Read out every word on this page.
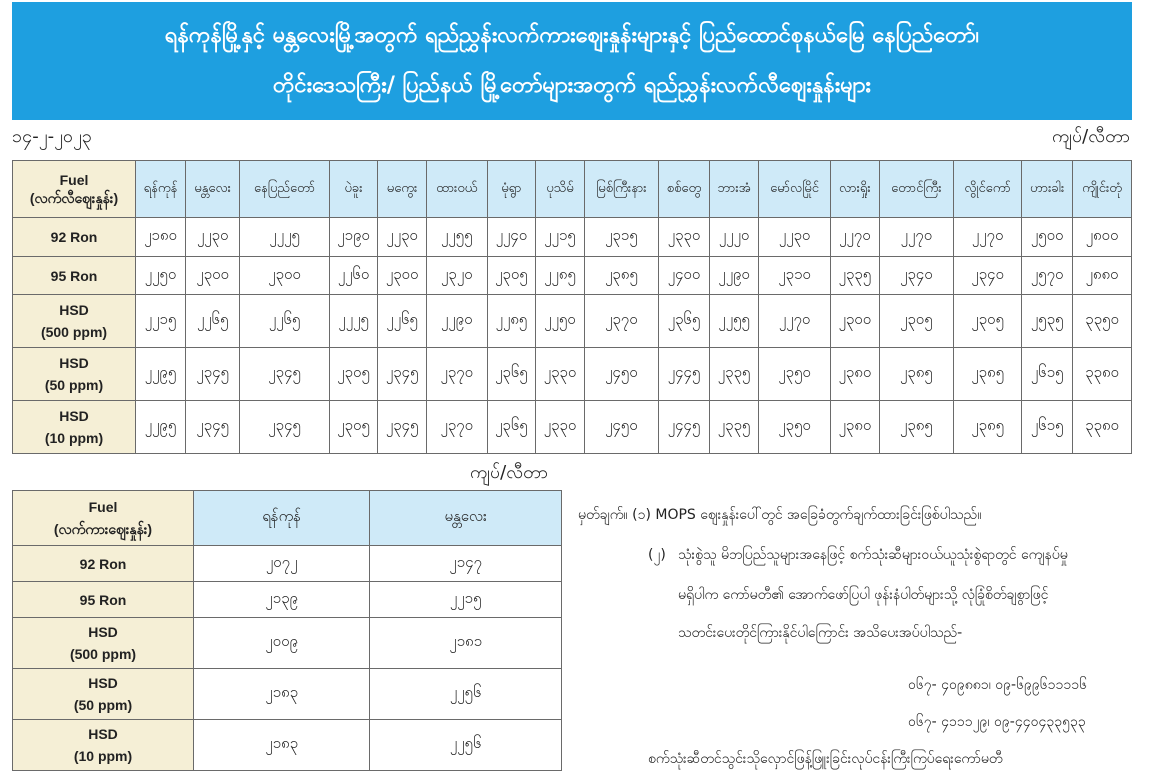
ရန်ကုန်မြို့နှင့် မန္တလေးမြို့အတွက် ရည်ညွှန်းလက်ကားဈေးနှုန်းများနှင့် ပြည်ထောင်စုနယ်မြေ နေပြည်တော်၊
တိုင်းဒေသကြီး/ ပြည်နယ် မြို့တော်များအတွက် ရည်ညွှန်းလက်လီဈေးနှုန်းများ
၁၄-၂-၂၀၂၃	ကျပ်/လီတာ
Fuel
(လက်လီဈေးနှုန်း)	ရန်ကုန်	မန္တလေး	နေပြည်တော်	ပဲခူး	မကွေး	ထားဝယ်	မုံရွာ	ပုသိမ်	မြစ်ကြီးနား	စစ်တွေ	ဘားအံ	မော်လမြိုင်	လားရှိုး	တောင်ကြီး	လွိုင်ကော်	ဟားခါး	ကျိုင်းတုံ

92 Ron	၂၁၈၀	၂၂၃၀	၂၂၂၅	၂၁၉၀	၂၂၃၀	၂၂၅၅	၂၂၄၀	၂၂၁၅	၂၃၁၅	၂၃၃၀	၂၂၂၀	၂၂၃၀	၂၂၇၀	၂၂၇၀	၂၂၇၀	၂၅၀၀	၂၈၀၀

95 Ron	၂၂၅၀	၂၃၀၀	၂၃၀၀	၂၂၆၀	၂၃၀၀	၂၃၂၀	၂၃၀၅	၂၂၈၅	၂၃၈၅	၂၄၀၀	၂၂၉၀	၂၃၁၀	၂၃၃၅	၂၃၄၀	၂၃၄၀	၂၅၇၀	၂၈၈၀

HSD
(500 ppm)	၂၂၁၅	၂၂၆၅	၂၂၆၅	၂၂၂၅	၂၂၆၅	၂၂၉၀	၂၂၈၅	၂၂၅၀	၂၃၇၀	၂၃၆၅	၂၂၅၅	၂၂၇၀	၂၃၀၀	၂၃၀၅	၂၃၀၅	၂၅၃၅	၃၃၅၀

HSD
(50 ppm)	၂၂၉၅	၂၃၄၅	၂၃၄၅	၂၃၀၅	၂၃၄၅	၂၃၇၀	၂၃၆၅	၂၃၃၀	၂၄၅၀	၂၄၄၅	၂၃၃၅	၂၃၅၀	၂၃၈၀	၂၃၈၅	၂၃၈၅	၂၆၁၅	၃၃၈၀

HSD
(10 ppm)	၂၂၉၅	၂၃၄၅	၂၃၄၅	၂၃၀၅	၂၃၄၅	၂၃၇၀	၂၃၆၅	၂၃၃၀	၂၄၅၀	၂၄၄၅	၂၃၃၅	၂၃၅၀	၂၃၈၀	၂၃၈၅	၂၃၈၅	၂၆၁၅	၃၃၈၀
ကျပ်/လီတာ
Fuel
(လက်ကားဈေးနှုန်း)	ရန်ကုန်	မန္တလေး

92 Ron	၂၀၇၂	၂၁၄၇

95 Ron	၂၁၃၉	၂၂၁၅

HSD
(500 ppm)	၂၀၀၉	၂၁၈၁

HSD
(50 ppm)	၂၁၈၃	၂၂၅၆

HSD
(10 ppm)	၂၁၈၃	၂၂၅၆
မှတ်ချက်။ (၁) MOPS ဈေးနှုန်းပေါ်တွင် အခြေခံတွက်ချက်ထားခြင်းဖြစ်ပါသည်။
(၂) သုံးစွဲသူ မိဘပြည်သူများအနေဖြင့် စက်သုံးဆီများဝယ်ယူသုံးစွဲရာတွင် ကျေနပ်မှု
မရှိပါက ကော်မတီ၏ အောက်ဖော်ပြပါ ဖုန်းနံပါတ်များသို့ လုံခြုံစိတ်ချစွာဖြင့်
သတင်းပေးတိုင်ကြားနိုင်ပါကြောင်း အသိပေးအပ်ပါသည်-
၀၆၇- ၄၀၉၈၈၁၊ ၀၉-၆၉၉၆၁၁၁၁၆
၀၆၇- ၄၁၁၁၂၉၊ ၀၉-၄၄၀၄၃၃၅၃၃
စက်သုံးဆီတင်သွင်းသိုလှောင်ဖြန့်ဖြူးခြင်းလုပ်ငန်းကြီးကြပ်ရေးကော်မတီ
